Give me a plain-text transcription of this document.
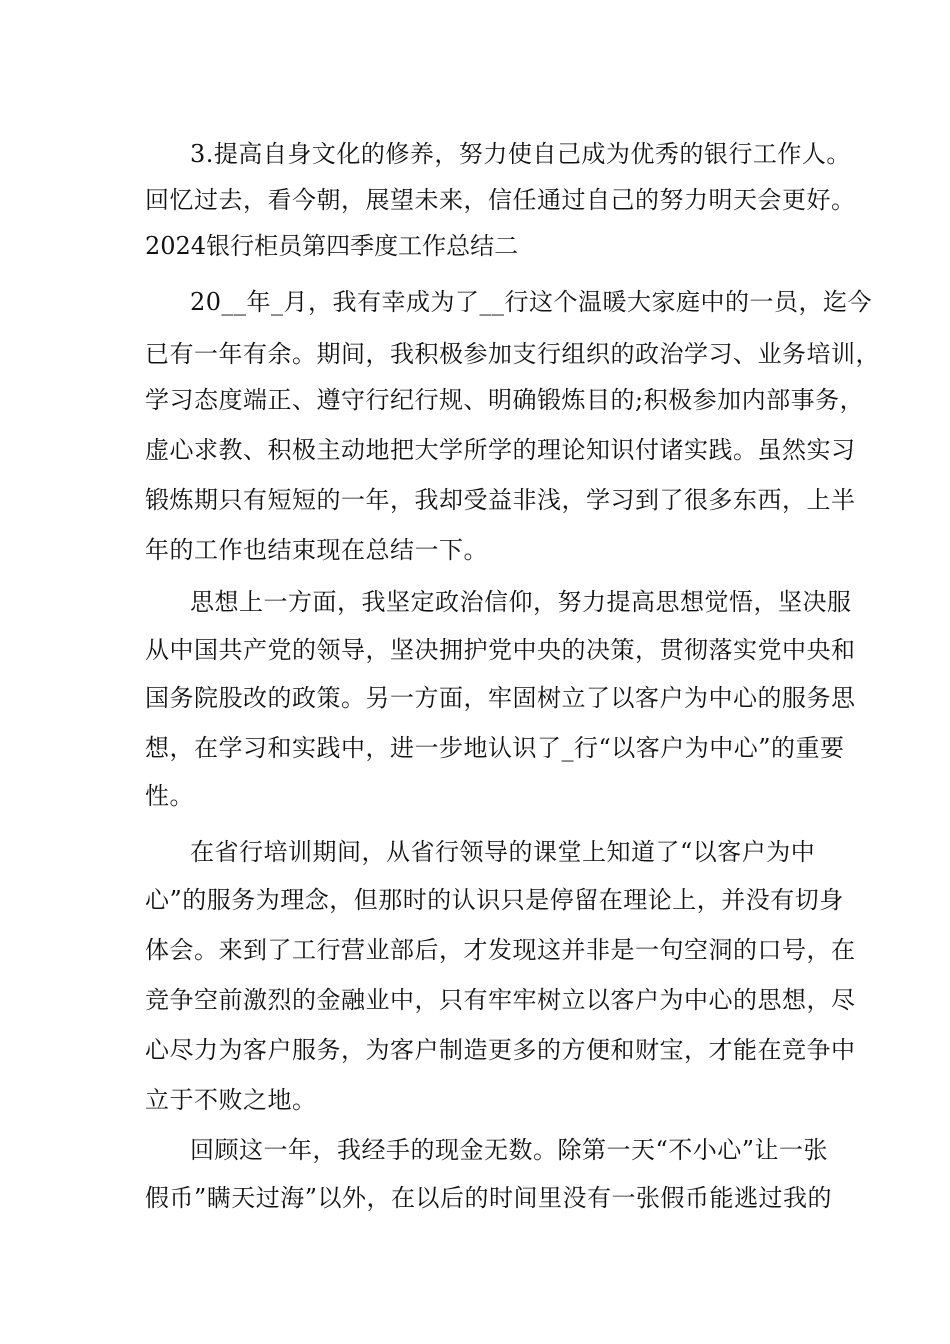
3.提高自身文化的修养，努力使自己成为优秀的银行工作人。

回忆过去，看今朝，展望未来，信任通过自己的努力明天会更好。

2024银行柜员第四季度工作总结二

20__年_月，我有幸成为了__行这个温暖大家庭中的一员，迄今

已有一年有余。期间，我积极参加支行组织的政治学习、业务培训，

学习态度端正、遵守行纪行规、明确锻炼目的;积极参加内部事务，

虚心求教、积极主动地把大学所学的理论知识付诸实践。虽然实习

锻炼期只有短短的一年，我却受益非浅，学习到了很多东西，上半

年的工作也结束现在总结一下。

思想上一方面，我坚定政治信仰，努力提高思想觉悟，坚决服

从中国共产党的领导，坚决拥护党中央的决策，贯彻落实党中央和

国务院股改的政策。另一方面，牢固树立了以客户为中心的服务思

想，在学习和实践中，进一步地认识了_行“以客户为中心”的重要

性。

在省行培训期间，从省行领导的课堂上知道了“以客户为中

心”的服务为理念，但那时的认识只是停留在理论上，并没有切身

体会。来到了工行营业部后，才发现这并非是一句空洞的口号，在

竞争空前激烈的金融业中，只有牢牢树立以客户为中心的思想，尽

心尽力为客户服务，为客户制造更多的方便和财宝，才能在竞争中

立于不败之地。

回顾这一年，我经手的现金无数。除第一天“不小心”让一张

假币”瞒天过海”以外，在以后的时间里没有一张假币能逃过我的
